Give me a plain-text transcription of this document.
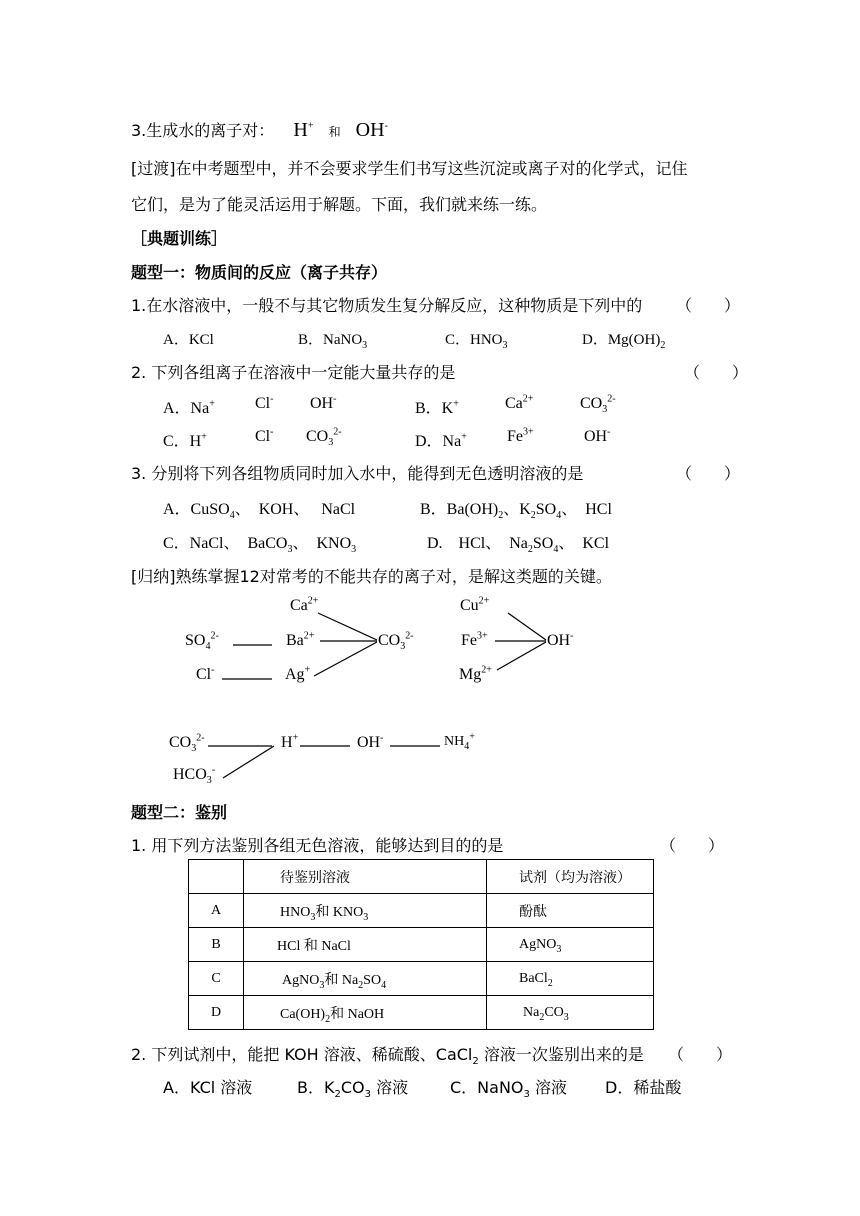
3.生成水的离子对： H+ 和 OH-
[过渡]在中考题型中，并不会要求学生们书写这些沉淀或离子对的化学式，记住
它们，是为了能灵活运用于解题。下面，我们就来练一练。
［典题训练］
题型一：物质间的反应（离子共存）
1.在水溶液中，一般不与其它物质发生复分解反应，这种物质是下列中的 （　　）
A．KCl	B．NaNO$_3$	C．$HNO_3$	D．$Mg(OH)_2$
2. 下列各组离子在溶液中一定能大量共存的是	（　　）
A．Na+	Cl- OH-
B．K+	$Ca^{2+}$	$CO_3^{2-}$
C．H+	Cl- $CO_3^{2-}$
D．Na+	$Fe^{3+}$	OH-
3. 分别将下列各组物质同时加入水中，能得到无色透明溶液的是	（　　）
A．CuSO$_4$、　KOH、　 NaCl	B．$Ba(OH)_2$、$K_2SO_4$、　HCl
C．NaCl、　BaCO$_3$、　$KNO_3$	D.　HCl、　$Na_2SO_4$、　KCl
[归纳]熟练掌握12对常考的不能共存的离子对，是解这类题的关键。
$Ca^{2+}$
$SO_4^{2-}$	$Ba^{2+}$	$CO_3^{2-}$
Cl-	Ag+
$Cu^{2+}$
$Fe^{3+}$	OH-
$Mg^{2+}$
$CO_3^{2-}$	H+	OH-	$NH_4^+$
$HCO_3^-$
题型二：鉴别
1. 用下列方法鉴别各组无色溶液，能够达到目的的是	（　　）
	待鉴别溶液	试剂（均为溶液）
A	$HNO_3$和 $KNO_3$	酚酞
B	HCl 和 NaCl	AgNO$_3$
C	AgNO$_3$和 $Na_2SO_4$	BaCl$_2$
D	$Ca(OH)_2$和 NaOH	$Na_2CO_3$
2. 下列试剂中，能把 KOH 溶液、稀硫酸、CaCl$_2$ 溶液一次鉴别出来的是 （　　）
A．KCl 溶液	B．$K_2CO_3$ 溶液	C．NaNO$_3$ 溶液 D．稀盐酸
